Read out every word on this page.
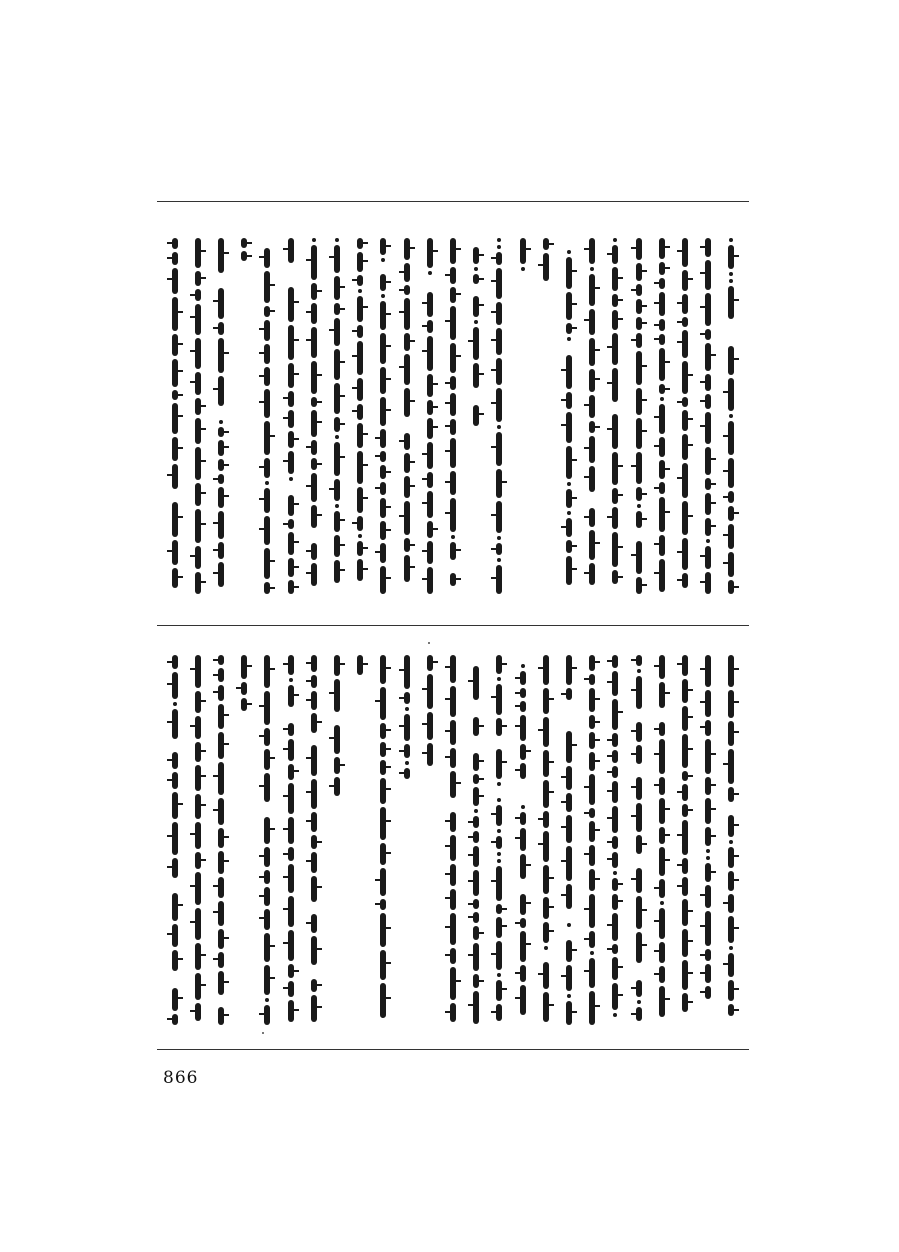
866
